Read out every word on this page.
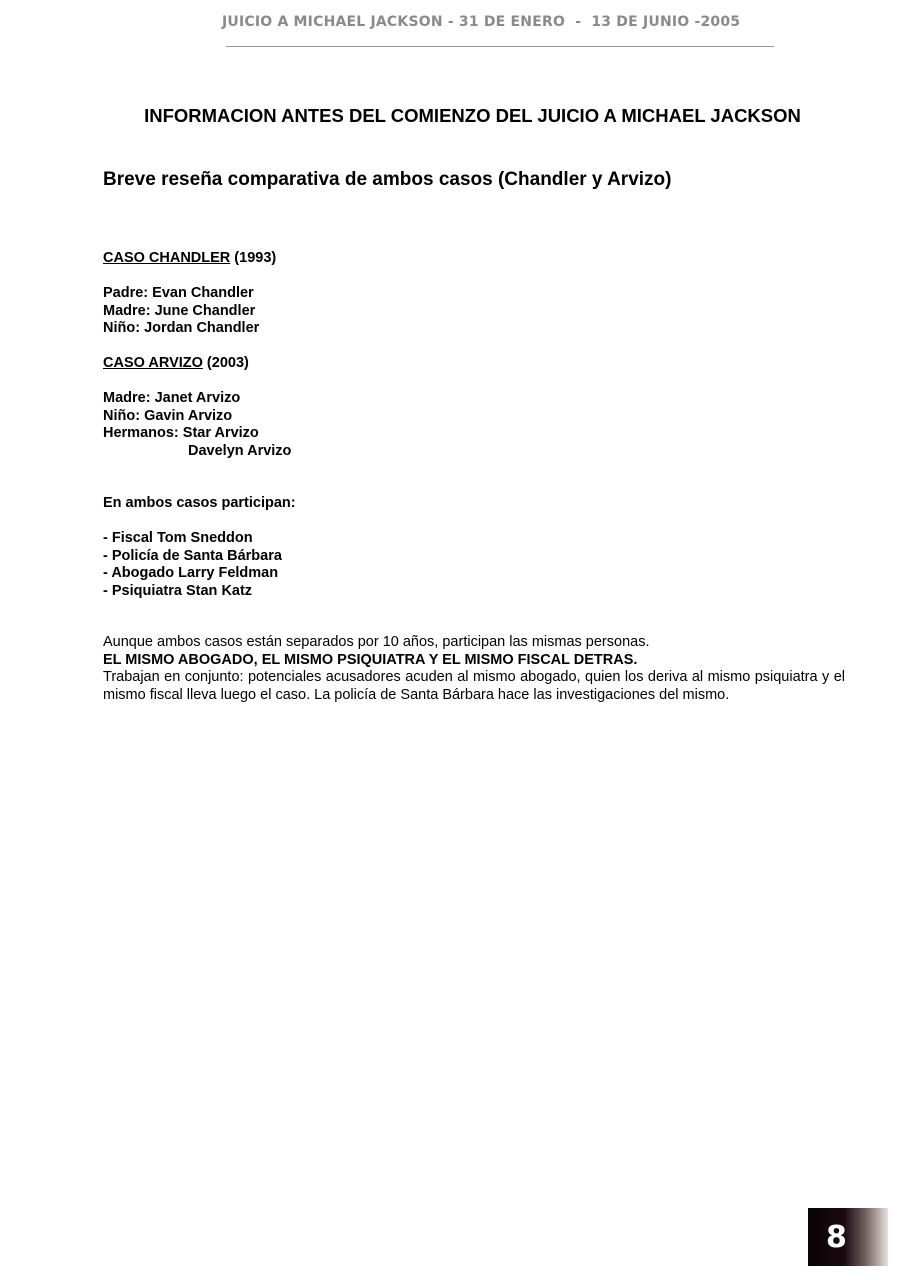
JUICIO A MICHAEL JACKSON - 31 DE ENERO  -  13 DE JUNIO -2005
INFORMACION ANTES DEL COMIENZO DEL JUICIO A MICHAEL JACKSON
Breve reseña comparativa de ambos casos (Chandler y Arvizo)
CASO CHANDLER (1993)
Padre: Evan Chandler
Madre: June Chandler
Niño: Jordan Chandler
CASO ARVIZO (2003)
Madre: Janet Arvizo
Niño: Gavin Arvizo
Hermanos: Star Arvizo
Davelyn Arvizo
En ambos casos participan:
- Fiscal Tom Sneddon
- Policía de Santa Bárbara
- Abogado Larry Feldman
- Psiquiatra Stan Katz
Aunque ambos casos están separados por 10 años, participan las mismas personas.
EL MISMO ABOGADO, EL MISMO PSIQUIATRA Y EL MISMO FISCAL DETRAS.
Trabajan en conjunto: potenciales acusadores acuden al mismo abogado, quien los deriva al mismo psiquiatra y el mismo fiscal lleva luego el caso. La policía de Santa Bárbara hace las investigaciones del mismo.
8
